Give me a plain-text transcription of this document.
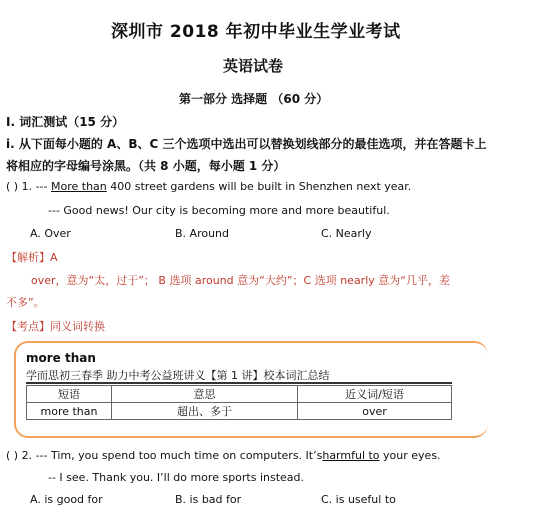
深圳市 2018 年初中毕业生学业考试
英语试卷
第一部分 选择题 （60 分）
I. 词汇测试（15 分）
i. 从下面每小题的 A、B、C 三个选项中选出可以替换划线部分的最佳选项，并在答题卡上
将相应的字母编号涂黑。（共 8 小题，每小题 1 分）
( ) 1. --- More than 400 street gardens will be built in Shenzhen next year.
--- Good news! Our city is becoming more and more beautiful.
A. Over	B. Around	C. Nearly
【解析】A
over，意为“太，过于”； B 选项 around 意为“大约”；C 选项 nearly 意为“几乎，差
不多”。
【考点】同义词转换
more than
学而思初三春季 助力中考公益班讲义【第 1 讲】校本词汇总结
短语	意思	近义词/短语
more than	超出、多于	over
( ) 2. --- Tim, you spend too much time on computers. It’sharmful to your eyes.
-- I see. Thank you. I’ll do more sports instead.
A. is good for	B. is bad for	C. is useful to
